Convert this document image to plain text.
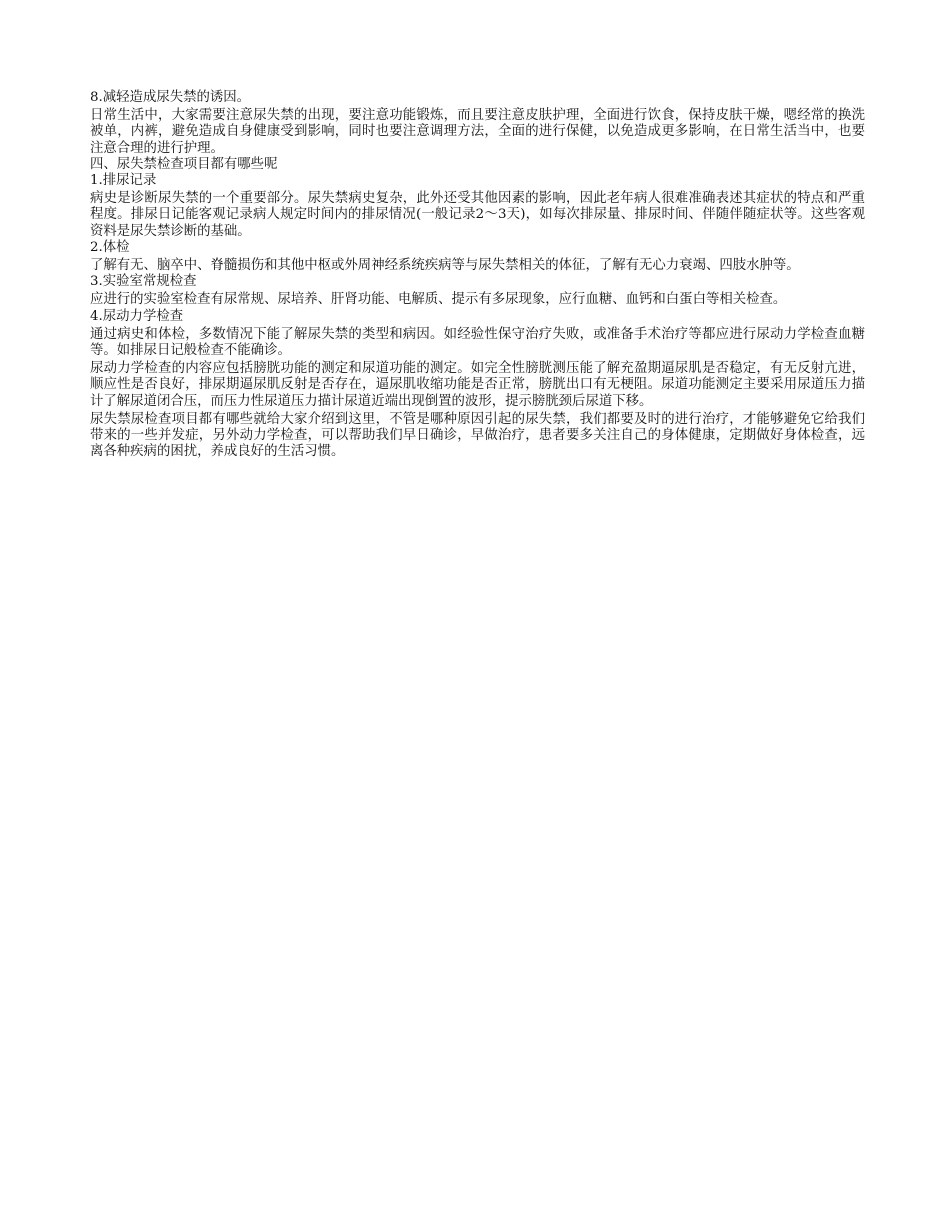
8.减轻造成尿失禁的诱因。

日常生活中，大家需要注意尿失禁的出现，要注意功能锻炼，而且要注意皮肤护理，全面进行饮食，保持皮肤干燥，嗯经常的换洗被单，内裤，避免造成自身健康受到影响，同时也要注意调理方法，全面的进行保健，以免造成更多影响，在日常生活当中，也要注意合理的进行护理。

四、尿失禁检查项目都有哪些呢

1.排尿记录

病史是诊断尿失禁的一个重要部分。尿失禁病史复杂，此外还受其他因素的影响，因此老年病人很难准确表述其症状的特点和严重程度。排尿日记能客观记录病人规定时间内的排尿情况(一般记录2～3天)，如每次排尿量、排尿时间、伴随伴随症状等。这些客观资料是尿失禁诊断的基础。

2.体检

了解有无、脑卒中、脊髓损伤和其他中枢或外周神经系统疾病等与尿失禁相关的体征，了解有无心力衰竭、四肢水肿等。

3.实验室常规检查

应进行的实验室检查有尿常规、尿培养、肝肾功能、电解质、提示有多尿现象，应行血糖、血钙和白蛋白等相关检查。

4.尿动力学检查

通过病史和体检，多数情况下能了解尿失禁的类型和病因。如经验性保守治疗失败，或准备手术治疗等都应进行尿动力学检查血糖等。如排尿日记般检查不能确诊。

尿动力学检查的内容应包括膀胱功能的测定和尿道功能的测定。如完全性膀胱测压能了解充盈期逼尿肌是否稳定，有无反射亢进，顺应性是否良好，排尿期逼尿肌反射是否存在，逼尿肌收缩功能是否正常，膀胱出口有无梗阻。尿道功能测定主要采用尿道压力描计了解尿道闭合压，而压力性尿道压力描计尿道近端出现倒置的波形，提示膀胱颈后尿道下移。

尿失禁尿检查项目都有哪些就给大家介绍到这里，不管是哪种原因引起的尿失禁，我们都要及时的进行治疗，才能够避免它给我们带来的一些并发症，另外动力学检查，可以帮助我们早日确诊，早做治疗，患者要多关注自己的身体健康，定期做好身体检查，远离各种疾病的困扰，养成良好的生活习惯。
